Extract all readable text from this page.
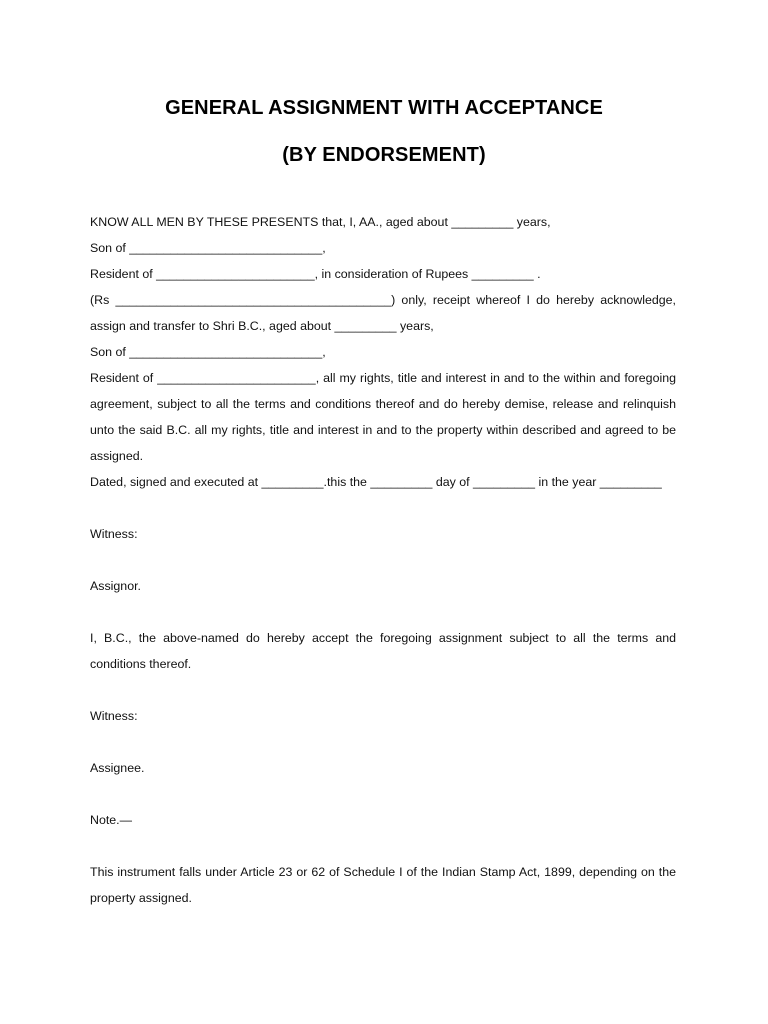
GENERAL ASSIGNMENT WITH ACCEPTANCE
(BY ENDORSEMENT)

KNOW ALL MEN BY THESE PRESENTS that, I, AA., aged about _________ years,

Son of ____________________________,

Resident of _______________________, in consideration of Rupees _________ .

(Rs ________________________________________) only, receipt whereof I do hereby acknowledge, assign and transfer to Shri B.C., aged about _________ years,

Son of ____________________________,

Resident of _______________________, all my rights, title and interest in and to the within and foregoing agreement, subject to all the terms and conditions thereof and do hereby demise, release and relinquish unto the said B.C. all my rights, title and interest in and to the property within described and agreed to be assigned.

Dated, signed and executed at _________.this the _________ day of _________ in the year _________

Witness:

Assignor.

I, B.C., the above-named do hereby accept the foregoing assignment subject to all the terms and conditions thereof.

Witness:

Assignee.

Note.—

This instrument falls under Article 23 or 62 of Schedule I of the Indian Stamp Act, 1899, depending on the property assigned.
